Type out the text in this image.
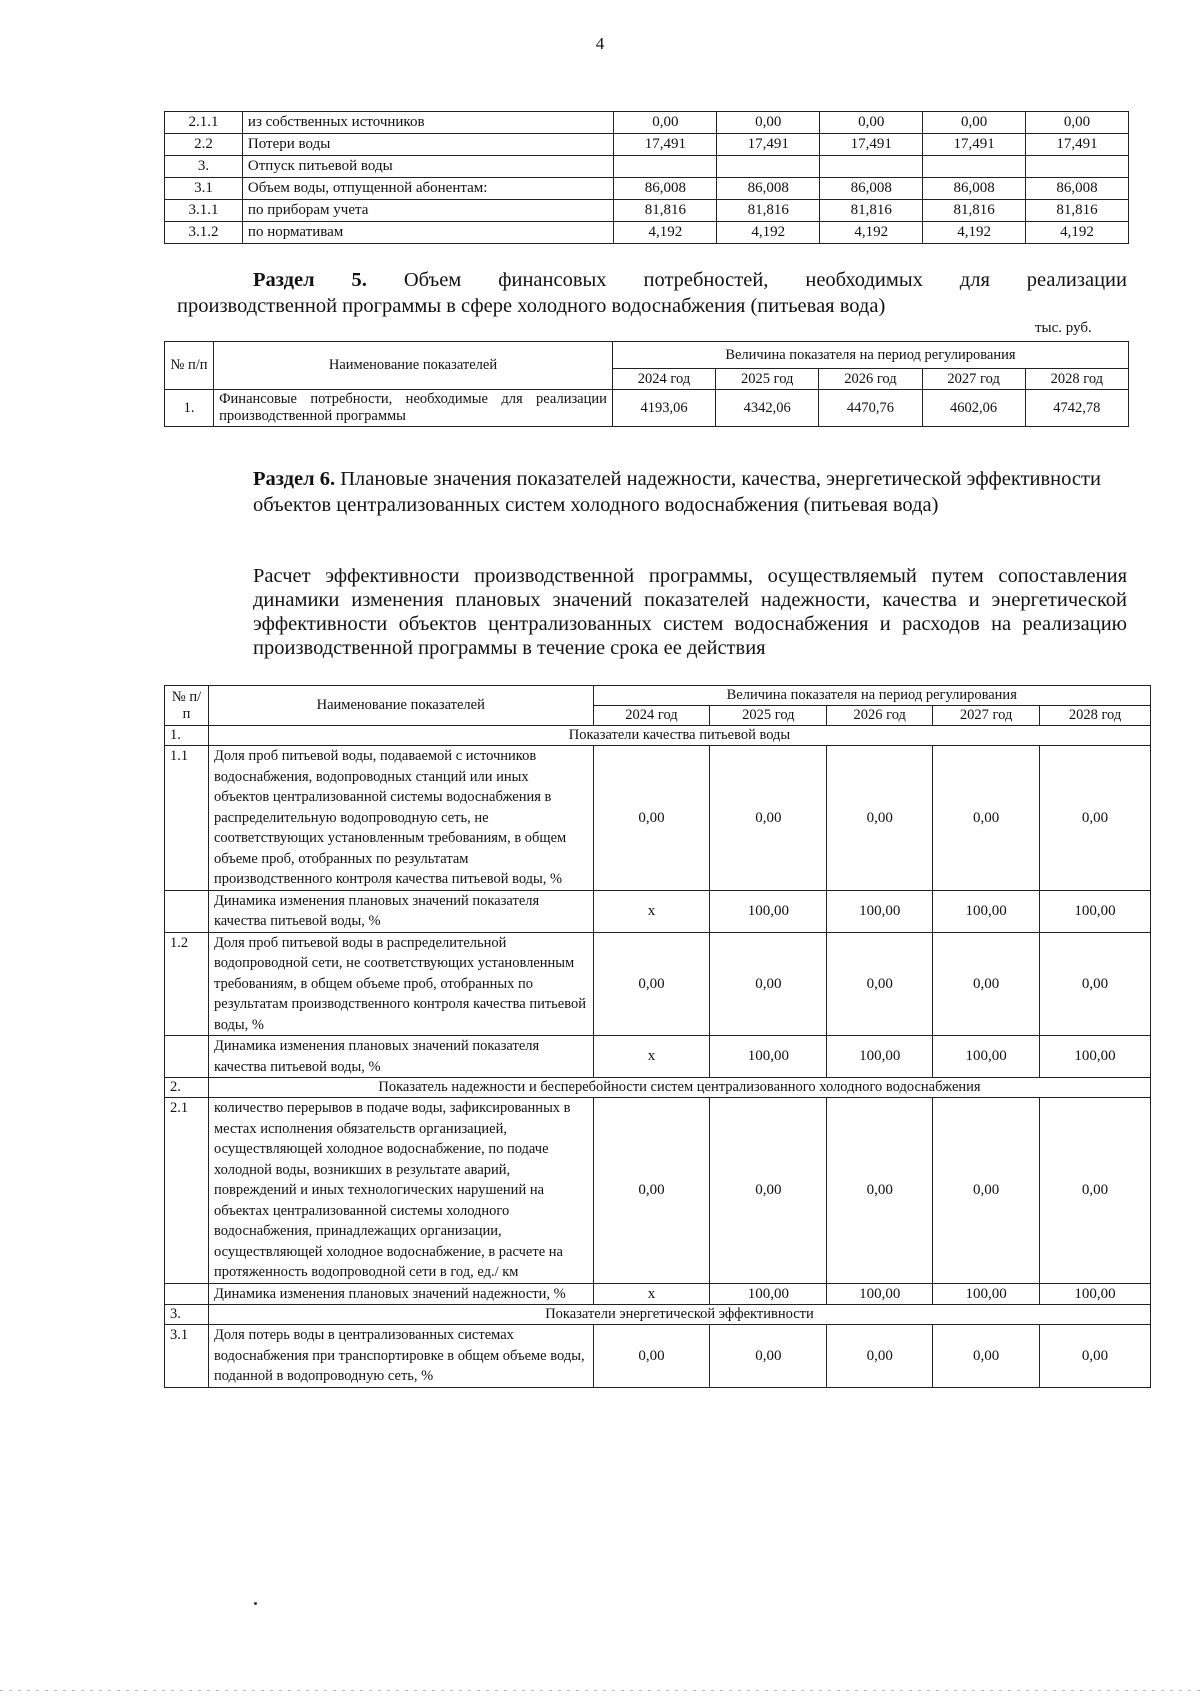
4
2.1.1	из собственных источников	0,00	0,00	0,00	0,00	0,00
2.2	Потери воды	17,491	17,491	17,491	17,491	17,491
3.	Отпуск питьевой воды					
3.1	Объем воды, отпущенной абонентам:	86,008	86,008	86,008	86,008	86,008
3.1.1	по приборам учета	81,816	81,816	81,816	81,816	81,816
3.1.2	по нормативам	4,192	4,192	4,192	4,192	4,192
Раздел 5. Объем финансовых потребностей, необходимых для реализации
производственной программы в сфере холодного водоснабжения (питьевая вода)
тыс. руб.
№ п/п	Наименование показателей	Величина показателя на период регулирования				
		2024 год	2025 год	2026 год	2027 год	2028 год
1.	Финансовые потребности, необходимые для реализации производственной программы	4193,06	4342,06	4470,76	4602,06	4742,78
Раздел 6. Плановые значения показателей надежности, качества, энергетической эффективности объектов централизованных систем холодного водоснабжения (питьевая вода)
Расчет эффективности производственной программы, осуществляемый путем сопоставления динамики изменения плановых значений показателей надежности, качества и энергетической эффективности объектов централизованных систем водоснабжения и расходов на реализацию производственной программы в течение срока ее действия
№ п/п	Наименование показателей	Величина показателя на период регулирования				
		2024 год	2025 год	2026 год	2027 год	2028 год
1.	Показатели качества питьевой воды					
1.1	Доля проб питьевой воды, подаваемой с источников водоснабжения, водопроводных станций или иных объектов централизованной системы водоснабжения в распределительную водопроводную сеть, не соответствующих установленным требованиям, в общем объеме проб, отобранных по результатам производственного контроля качества питьевой воды, %	0,00	0,00	0,00	0,00	0,00
	Динамика изменения плановых значений показателя качества питьевой воды, %	x	100,00	100,00	100,00	100,00
1.2	Доля проб питьевой воды в распределительной водопроводной сети, не соответствующих установленным требованиям, в общем объеме проб, отобранных по результатам производственного контроля качества питьевой воды, %	0,00	0,00	0,00	0,00	0,00
	Динамика изменения плановых значений показателя качества питьевой воды, %	x	100,00	100,00	100,00	100,00
2.	Показатель надежности и бесперебойности систем централизованного холодного водоснабжения					
2.1	количество перерывов в подаче воды, зафиксированных в местах исполнения обязательств организацией, осуществляющей холодное водоснабжение, по подаче холодной воды, возникших в результате аварий, повреждений и иных технологических нарушений на объектах централизованной системы холодного водоснабжения, принадлежащих организации, осуществляющей холодное водоснабжение, в расчете на протяженность водопроводной сети в год, ед./ км	0,00	0,00	0,00	0,00	0,00
	Динамика изменения плановых значений надежности, %	x	100,00	100,00	100,00	100,00
3.	Показатели энергетической эффективности					
3.1	Доля потерь воды в централизованных системах водоснабжения при транспортировке в общем объеме воды, поданной в водопроводную сеть, %	0,00	0,00	0,00	0,00	0,00
